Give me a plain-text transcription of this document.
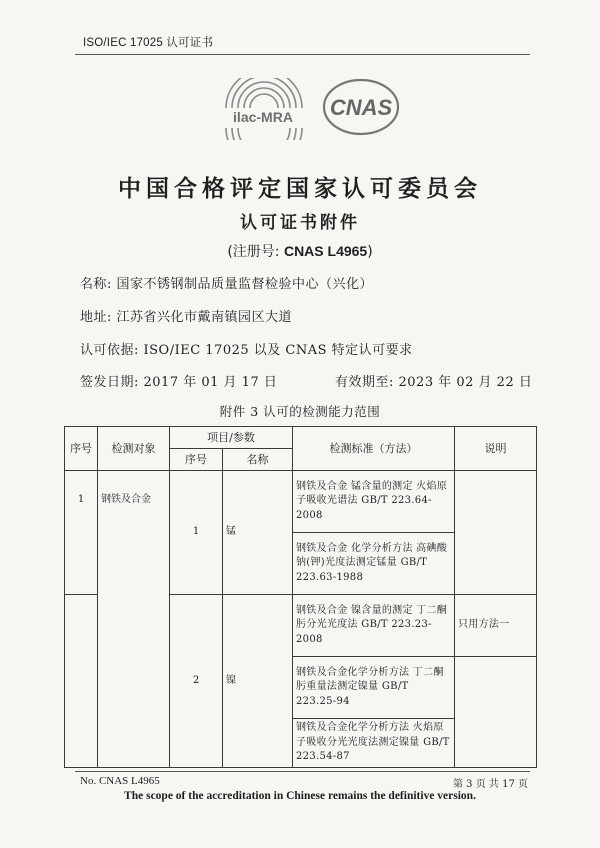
ISO/IEC 17025 认可证书
ilac-MRA CNAS
中国合格评定国家认可委员会
认可证书附件
(注册号: CNAS L4965)
名称: 国家不锈钢制品质量监督检验中心（兴化）
地址: 江苏省兴化市戴南镇园区大道
认可依据: ISO/IEC 17025 以及 CNAS 特定认可要求
签发日期: 2017 年 01 月 17 日	有效期至: 2023 年 02 月 22 日
附件 3 认可的检测能力范围
序号	检测对象	项目/参数		检测标准（方法）	说明
		序号	名称		
1	钢铁及合金	1	锰	钢铁及合金 锰含量的测定 火焰原子吸收光谱法 GB/T 223.64-2008	
				钢铁及合金 化学分析方法 高碘酸钠(钾)光度法测定锰量 GB/T 223.63-1988	
		2	镍	钢铁及合金 镍含量的测定 丁二酮肟分光光度法 GB/T 223.23-2008	只用方法一
				钢铁及合金化学分析方法 丁二酮肟重量法测定镍量 GB/T 223.25-94	
				钢铁及合金化学分析方法 火焰原子吸收分光光度法测定镍量 GB/T 223.54-87	
No. CNAS L4965	第 3 页 共 17 页
The scope of the accreditation in Chinese remains the definitive version.
